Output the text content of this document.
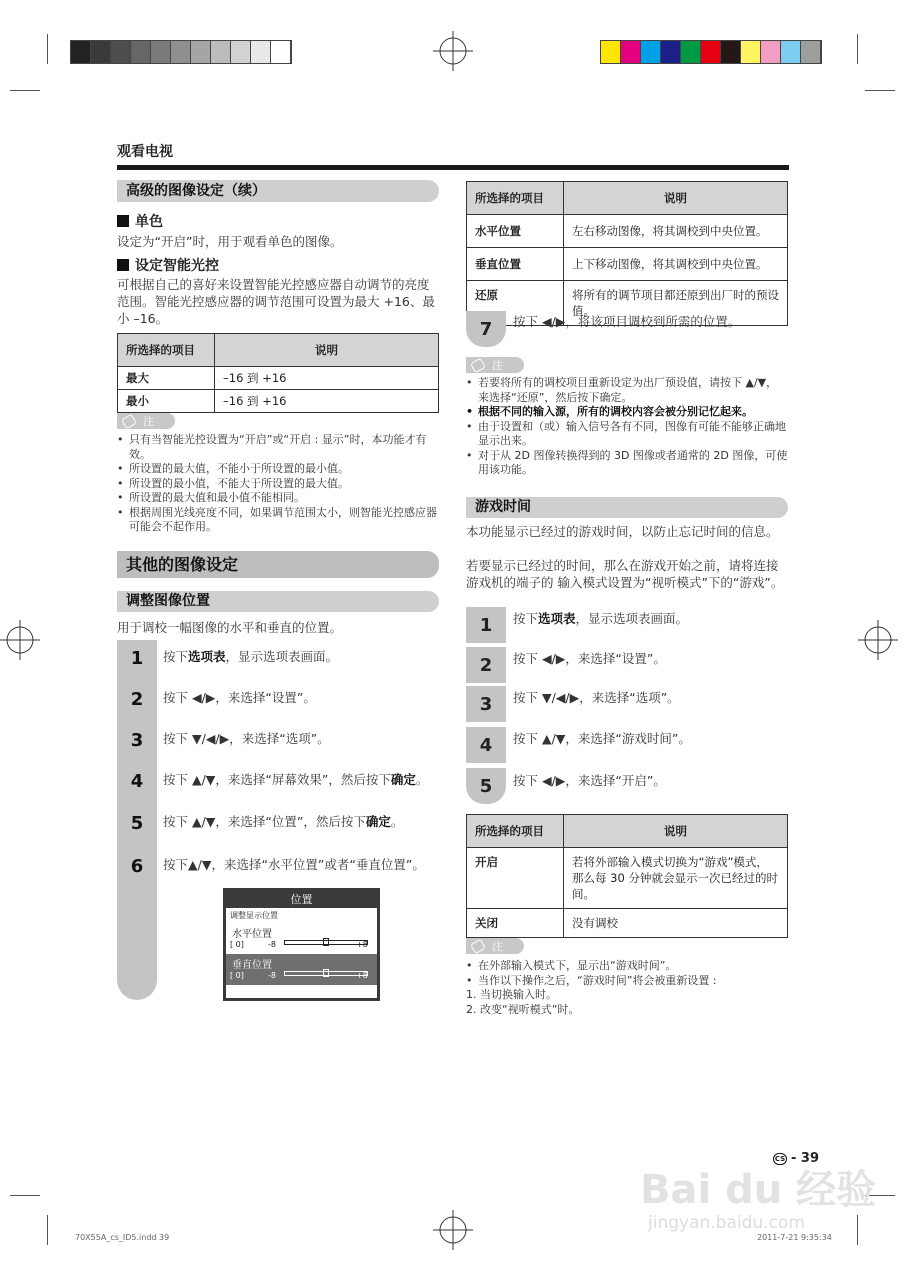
观看电视
高级的图像设定（续）
单色
设定为“开启”时，用于观看单色的图像。
设定智能光控
可根据自己的喜好来设置智能光控感应器自动调节的亮度范围。智能光控感应器的调节范围可设置为最大 +16、最小 –16。
所选择的项目	说明
最大	–16 到 +16
最小	–16 到 +16
注
• 只有当智能光控设置为“开启”或“开启 : 显示”时，本功能才有效。
• 所设置的最大值，不能小于所设置的最小值。
• 所设置的最小值，不能大于所设置的最大值。
• 所设置的最大值和最小值不能相同。
• 根据周围光线亮度不同，如果调节范围太小，则智能光控感应器可能会不起作用。
其他的图像设定
调整图像位置
用于调校一幅图像的水平和垂直的位置。
1	按下选项表，显示选项表画面。
2	按下 ◀/▶，来选择“设置”。
3	按下 ▼/◀/▶，来选择“选项”。
4	按下 ▲/▼，来选择“屏幕效果”，然后按下确定。
5	按下 ▲/▼，来选择“位置”，然后按下确定。
6	按下▲/▼，来选择“水平位置”或者“垂直位置”。
位置
调整显示位置
水平位置
[ 0]	-8	+8
垂直位置
[ 0]	-8	+8
所选择的项目	说明
水平位置	左右移动图像，将其调校到中央位置。
垂直位置	上下移动图像，将其调校到中央位置。
还原	将所有的调节项目都还原到出厂时的预设值。
7	按下 ◀/▶，将该项目调校到所需的位置。
注
• 若要将所有的调校项目重新设定为出厂预设值，请按下 ▲/▼，来选择“还原”，然后按下确定。
• 根据不同的输入源，所有的调校内容会被分别记忆起来。
• 由于设置和（或）输入信号各有不同，图像有可能不能够正确地显示出来。
• 对于从 2D 图像转换得到的 3D 图像或者通常的 2D 图像，可使用该功能。
游戏时间
本功能显示已经过的游戏时间，以防止忘记时间的信息。
若要显示已经过的时间，那么在游戏开始之前，请将连接游戏机的端子的 输入模式设置为“视听模式”下的“游戏”。
1	按下选项表，显示选项表画面。
2	按下 ◀/▶，来选择“设置”。
3	按下 ▼/◀/▶，来选择“选项”。
4	按下 ▲/▼，来选择“游戏时间”。
5	按下 ◀/▶，来选择“开启”。
所选择的项目	说明
开启	若将外部输入模式切换为“游戏”模式，那么每 30 分钟就会显示一次已经过的时间。
关闭	没有调校
注
• 在外部输入模式下，显示出“游戏时间”。
• 当作以下操作之后，“游戏时间”将会被重新设置 :
1. 当切换输入时。
2. 改变“视听模式”时。
CS - 39
Bai du 经验
jingyan.baidu.com
70X55A_cs_ID5.indd 39	2011-7-21 9:35:34
